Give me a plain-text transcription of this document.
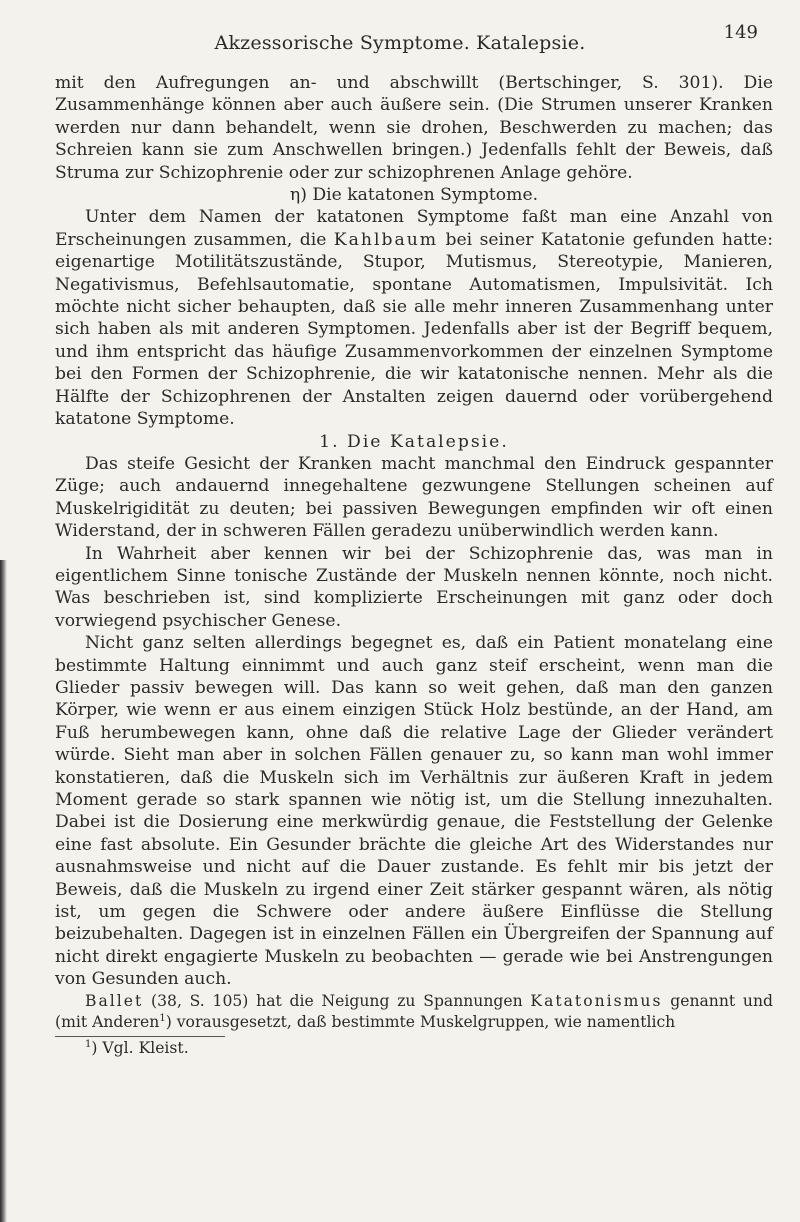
Akzessorische Symptome. Katalepsie.	149

mit den Aufregungen an- und abschwillt (Bertschinger, S. 301). Die Zusammenhänge können aber auch äußere sein. (Die Strumen unserer Kranken werden nur dann behandelt, wenn sie drohen, Beschwerden zu machen; das Schreien kann sie zum Anschwellen bringen.) Jedenfalls fehlt der Beweis, daß Struma zur Schizophrenie oder zur schizophrenen Anlage gehöre.

η) Die katatonen Symptome.

Unter dem Namen der katatonen Symptome faßt man eine Anzahl von Erscheinungen zusammen, die Kahlbaum bei seiner Katatonie gefunden hatte: eigenartige Motilitätszustände, Stupor, Mutismus, Stereotypie, Manieren, Negativismus, Befehlsautomatie, spontane Automatismen, Impulsivität. Ich möchte nicht sicher behaupten, daß sie alle mehr inneren Zusammenhang unter sich haben als mit anderen Symptomen. Jedenfalls aber ist der Begriff bequem, und ihm entspricht das häufige Zusammenvorkommen der einzelnen Symptome bei den Formen der Schizophrenie, die wir katatonische nennen. Mehr als die Hälfte der Schizophrenen der Anstalten zeigen dauernd oder vorübergehend katatone Symptome.

1. Die Katalepsie.

Das steife Gesicht der Kranken macht manchmal den Eindruck gespannter Züge; auch andauernd innegehaltene gezwungene Stellungen scheinen auf Muskelrigidität zu deuten; bei passiven Bewegungen empfinden wir oft einen Widerstand, der in schweren Fällen geradezu unüberwindlich werden kann.

In Wahrheit aber kennen wir bei der Schizophrenie das, was man in eigentlichem Sinne tonische Zustände der Muskeln nennen könnte, noch nicht. Was beschrieben ist, sind komplizierte Erscheinungen mit ganz oder doch vorwiegend psychischer Genese.

Nicht ganz selten allerdings begegnet es, daß ein Patient monatelang eine bestimmte Haltung einnimmt und auch ganz steif erscheint, wenn man die Glieder passiv bewegen will. Das kann so weit gehen, daß man den ganzen Körper, wie wenn er aus einem einzigen Stück Holz bestünde, an der Hand, am Fuß herumbewegen kann, ohne daß die relative Lage der Glieder verändert würde. Sieht man aber in solchen Fällen genauer zu, so kann man wohl immer konstatieren, daß die Muskeln sich im Verhältnis zur äußeren Kraft in jedem Moment gerade so stark spannen wie nötig ist, um die Stellung innezuhalten. Dabei ist die Dosierung eine merkwürdig genaue, die Feststellung der Gelenke eine fast absolute. Ein Gesunder brächte die gleiche Art des Widerstandes nur ausnahmsweise und nicht auf die Dauer zustande. Es fehlt mir bis jetzt der Beweis, daß die Muskeln zu irgend einer Zeit stärker gespannt wären, als nötig ist, um gegen die Schwere oder andere äußere Einflüsse die Stellung beizubehalten. Dagegen ist in einzelnen Fällen ein Übergreifen der Spannung auf nicht direkt engagierte Muskeln zu beobachten — gerade wie bei Anstrengungen von Gesunden auch.

Ballet (38, S. 105) hat die Neigung zu Spannungen Katatonismus genannt und (mit Anderen$^1$) vorausgesetzt, daß bestimmte Muskelgruppen, wie namentlich

$^1$) Vgl. Kleist.
